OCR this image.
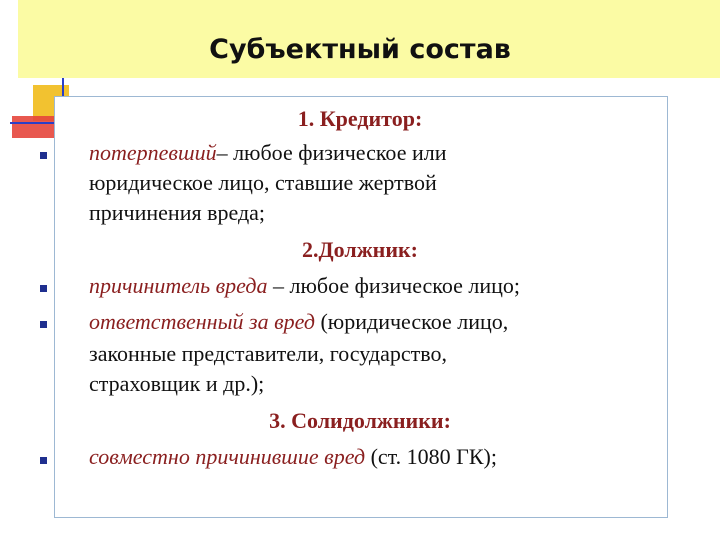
Субъектный состав
1. Кредитор:
потерпевший– любое физическое или
юридическое лицо, ставшие жертвой
причинения вреда;
2.Должник:
причинитель вреда – любое физическое лицо;
ответственный за вред (юридическое лицо,
законные представители, государство,
страховщик и др.);
3. Солидолжники:
совместно причинившие вред (ст. 1080 ГК);
